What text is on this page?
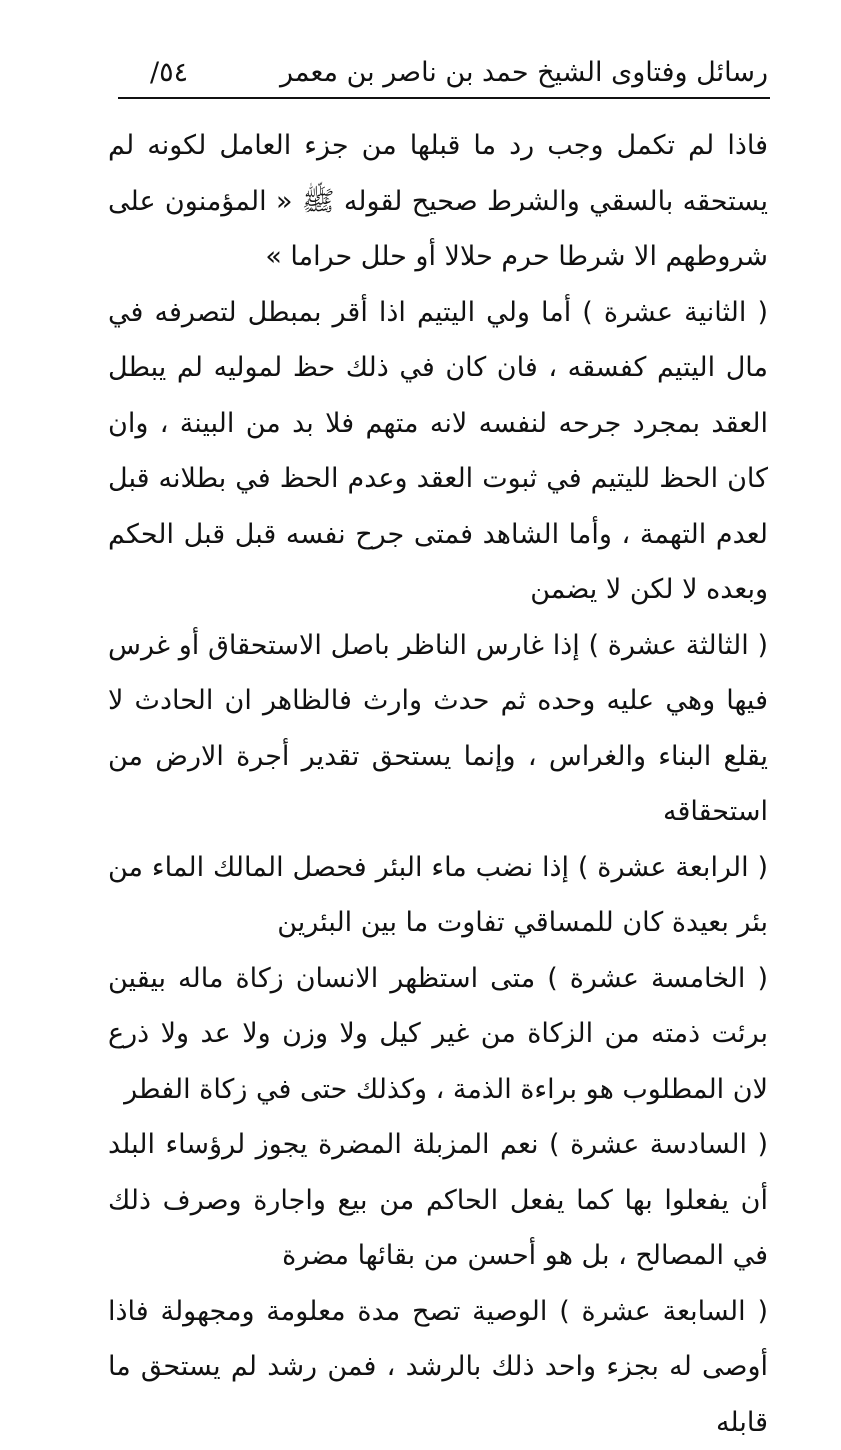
رسائل وفتاوى الشيخ حمد بن ناصر بن معمر
٥٤/

فاذا لم تكمل وجب رد ما قبلها من جزء العامل لكونه لم يستحقه بالسقي والشرط صحيح لقوله ﷺ « المؤمنون على شروطهم الا شرطا حرم حلالا أو حلل حراما »

( الثانية عشرة ) أما ولي اليتيم اذا أقر بمبطل لتصرفه في مال اليتيم كفسقه ، فان كان في ذلك حظ لموليه لم يبطل العقد بمجرد جرحه لنفسه لانه متهم فلا بد من البينة ، وان كان الحظ لليتيم في ثبوت العقد وعدم الحظ في بطلانه قبل لعدم التهمة ، وأما الشاهد فمتى جرح نفسه قبل قبل الحكم وبعده لا لكن لا يضمن

( الثالثة عشرة ) إذا غارس الناظر باصل الاستحقاق أو غرس فيها وهي عليه وحده ثم حدث وارث فالظاهر ان الحادث لا يقلع البناء والغراس ، وإنما يستحق تقدير أجرة الارض من استحقاقه

( الرابعة عشرة ) إذا نضب ماء البئر فحصل المالك الماء من بئر بعيدة كان للمساقي تفاوت ما بين البئرين

( الخامسة عشرة ) متى استظهر الانسان زكاة ماله بيقين برئت ذمته من الزكاة من غير كيل ولا وزن ولا عد ولا ذرع لان المطلوب هو براءة الذمة ، وكذلك حتى في زكاة الفطر

( السادسة عشرة ) نعم المزبلة المضرة يجوز لرؤساء البلد أن يفعلوا بها كما يفعل الحاكم من بيع واجارة وصرف ذلك في المصالح ، بل هو أحسن من بقائها مضرة

( السابعة عشرة ) الوصية تصح مدة معلومة ومجهولة فاذا أوصى له بجزء واحد ذلك بالرشد ، فمن رشد لم يستحق ما قابله
